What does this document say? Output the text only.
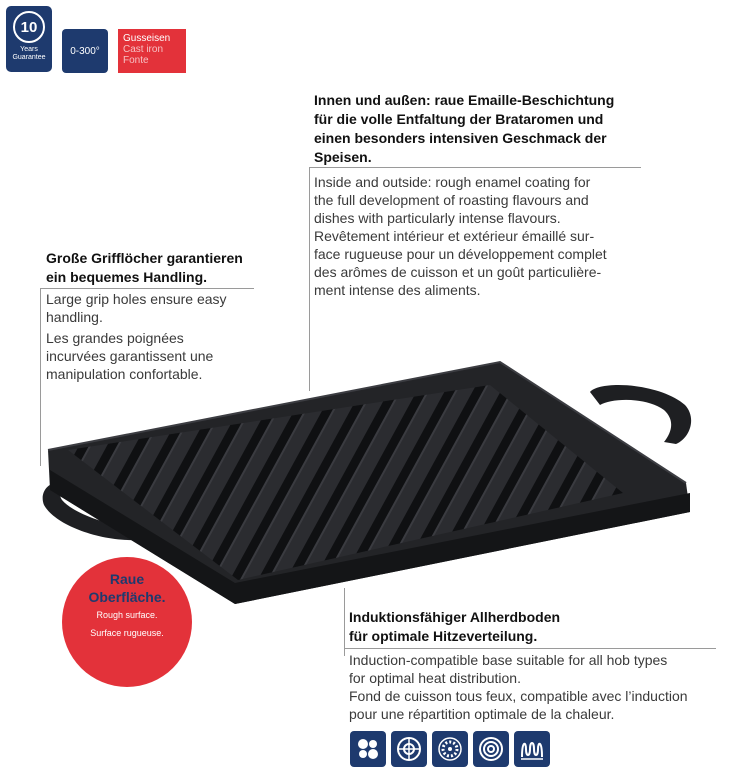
10
Years
Guarantee
0-300°
Gusseisen
Cast iron
Fonte
Innen und außen: raue Emaille-Beschichtung
für die volle Entfaltung der Brataromen und
einen besonders intensiven Geschmack der
Speisen.
Inside and outside: rough enamel coating for
the full development of roasting flavours and
dishes with particularly intense flavours.
Revêtement intérieur et extérieur émaillé sur-
face rugueuse pour un développement complet
des arômes de cuisson et un goût particulière-
ment intense des aliments.
Große Grifflöcher garantieren
ein bequemes Handling.
Large grip holes ensure easy
handling.
Les grandes poignées
incurvées garantissent une
manipulation confortable.
Raue
Oberfläche.
Rough surface.
Surface rugueuse.
Induktionsfähiger Allherdboden
für optimale Hitzeverteilung.
Induction-compatible base suitable for all hob types
for optimal heat distribution.
Fond de cuisson tous feux, compatible avec l’induction
pour une répartition optimale de la chaleur.
